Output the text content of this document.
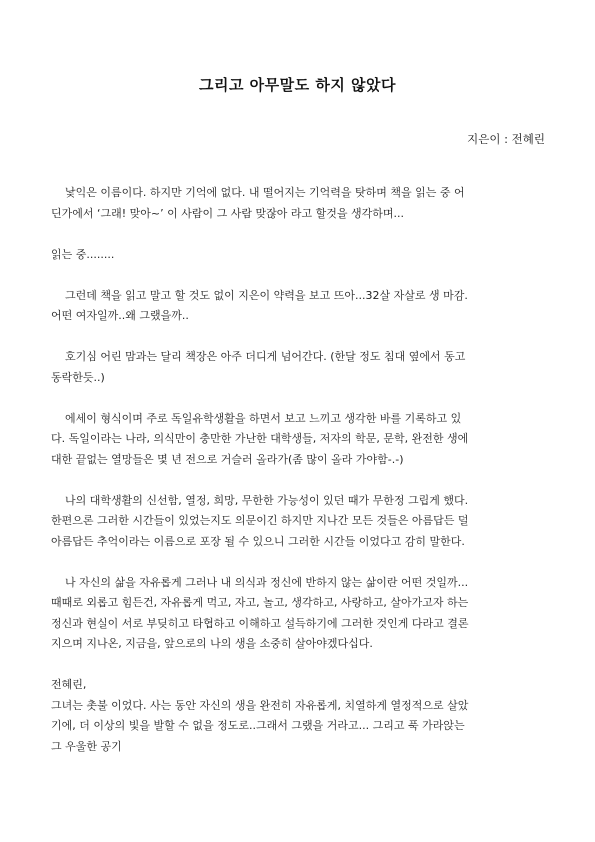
그리고 아무말도 하지 않았다
지은이 : 전혜린
낯익은 이름이다. 하지만 기억에 없다. 내 떨어지는 기억력을 탓하며 책을 읽는 중 어
딘가에서 ‘그래! 맞아~’ 이 사람이 그 사람 맞잖아 라고 할것을 생각하며...
읽는 중........
그런데 책을 읽고 말고 할 것도 없이 지은이 약력을 보고 뜨아...32살 자살로 생 마감.
어떤 여자일까..왜 그랬을까..
호기심 어린 맘과는 달리 책장은 아주 더디게 넘어간다. (한달 정도 침대 옆에서 동고
동락한듯..)
에세이 형식이며 주로 독일유학생활을 하면서 보고 느끼고 생각한 바를 기록하고 있
다. 독일이라는 나라, 의식만이 충만한 가난한 대학생들, 저자의 학문, 문학, 완전한 생에
대한 끝없는 열망들은 몇 년 전으로 거슬러 올라가(좀 많이 올라 가야함-.-)
나의 대학생활의 신선함, 열정, 희망, 무한한 가능성이 있던 때가 무한정 그립게 했다.
한편으론 그러한 시간들이 있었는지도 의문이긴 하지만 지나간 모든 것들은 아름답든 덜
아름답든 추억이라는 이름으로 포장 될 수 있으니 그러한 시간들 이었다고 감히 말한다.
나 자신의 삶을 자유롭게 그러나 내 의식과 정신에 반하지 않는 삶이란 어떤 것일까...
때때로 외롭고 힘든건, 자유롭게 먹고, 자고, 놀고, 생각하고, 사랑하고, 살아가고자 하는
정신과 현실이 서로 부딪히고 타협하고 이해하고 설득하기에 그러한 것인게 다라고 결론
지으며 지나온, 지금을, 앞으로의 나의 생을 소중히 살아야겠다십다.
전혜린,
그녀는 촛불 이었다. 사는 동안 자신의 생을 완전히 자유롭게, 치열하게 열정적으로 살았
기에, 더 이상의 빛을 발할 수 없을 정도로..그래서 그랬을 거라고... 그리고 푹 가라앉는
그 우울한 공기
